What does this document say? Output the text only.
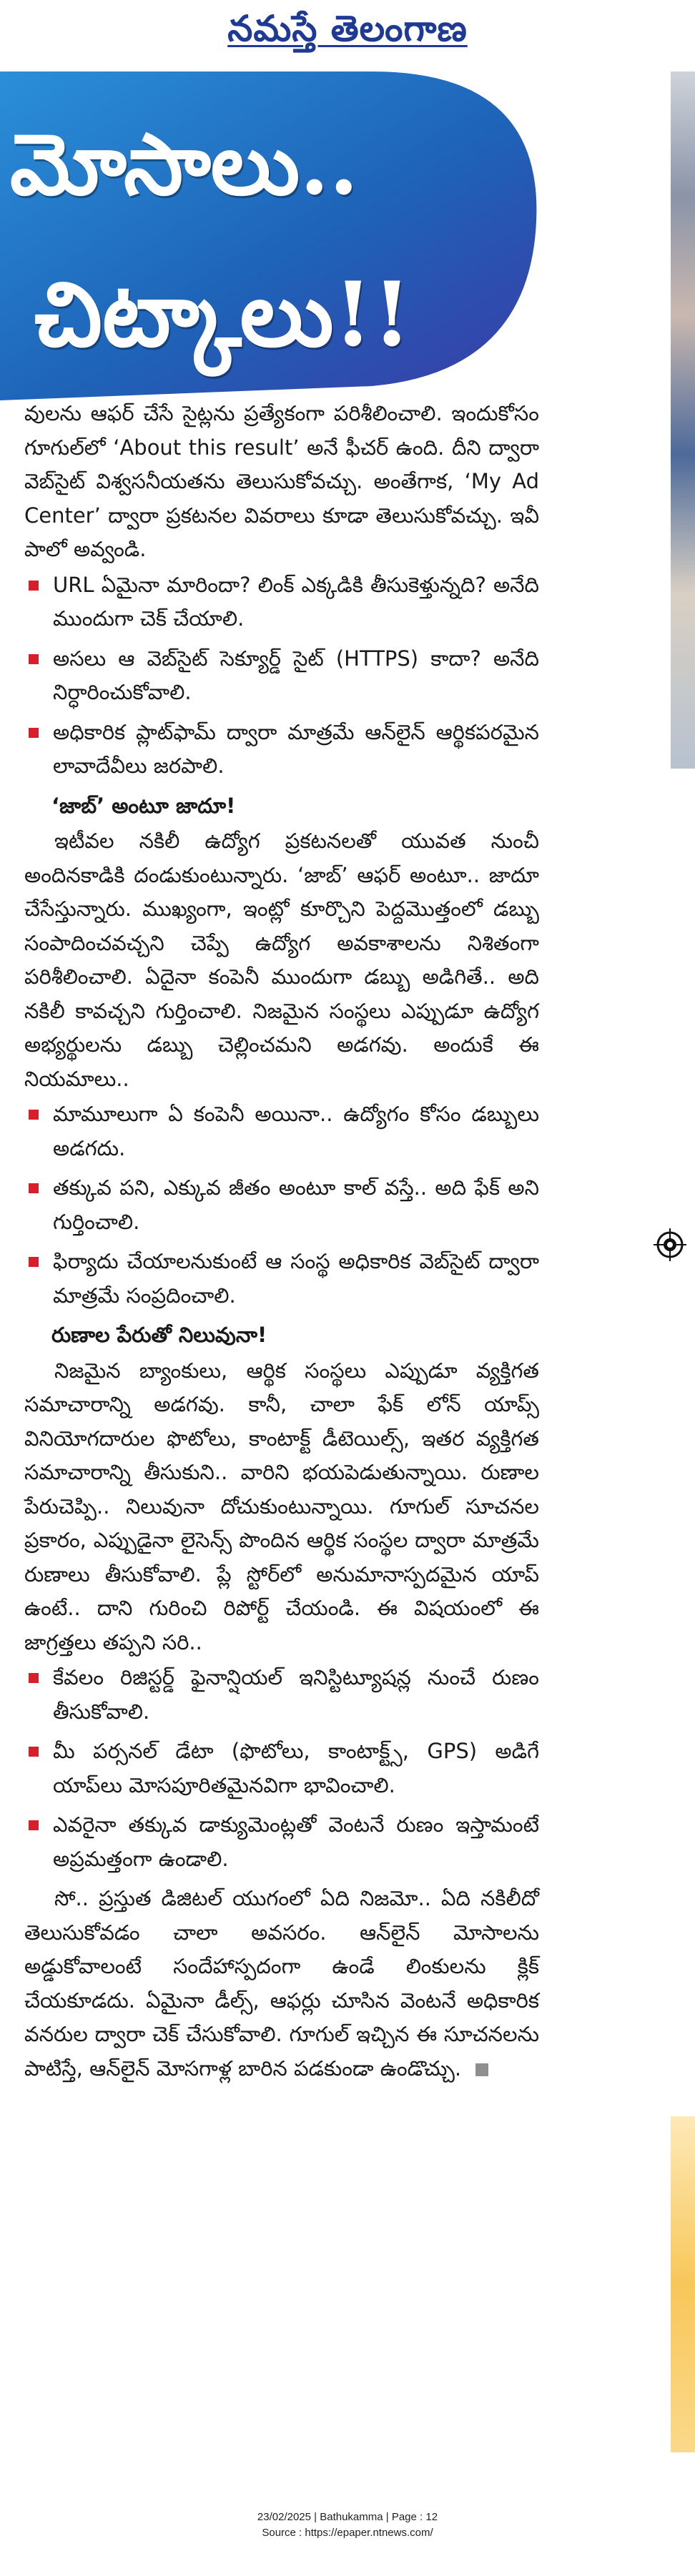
నమస్తే తెలంగాణ
మోసాలు..
చిట్కాలు!!

వులను ఆఫర్‌ చేసే సైట్లను ప్రత్యేకంగా పరిశీలించాలి. ఇందుకోసం గూగుల్‌లో ‘About this result’ అనే ఫీచర్‌ ఉంది. దీని ద్వారా వెబ్‌సైట్‌ విశ్వసనీయతను తెలుసుకోవచ్చు. అంతేగాక, ‘My Ad Center’ ద్వారా ప్రకటనల వివరాలు కూడా తెలుసుకోవచ్చు. ఇవీ పాలో అవ్వండి.

URL ఏమైనా మారిందా? లింక్‌ ఎక్కడికి తీసుకెళ్తున్నది? అనేది ముందుగా చెక్‌ చేయాలి.
అసలు ఆ వెబ్‌సైట్‌ సెక్యూర్డ్‌ సైట్‌ (HTTPS) కాదా? అనేది నిర్ధారించుకోవాలి.
అధికారిక ప్లాట్‌ఫామ్‌ ద్వారా మాత్రమే ఆన్‌లైన్‌ ఆర్థికపరమైన లావాదేవీలు జరపాలి.
‘జాబ్‌’ అంటూ జాదూ!

ఇటీవల నకిలీ ఉద్యోగ ప్రకటనలతో యువత నుంచీ అందినకాడికి దండుకుంటున్నారు. ‘జాబ్‌’ ఆఫర్‌ అంటూ.. జాదూ చేసేస్తున్నారు. ముఖ్యంగా, ఇంట్లో కూర్చొని పెద్దమొత్తంలో డబ్బు సంపాదించవచ్చని చెప్పే ఉద్యోగ అవకాశాలను నిశితంగా పరిశీలించాలి. ఏదైనా కంపెనీ ముందుగా డబ్బు అడిగితే.. అది నకిలీ కావచ్చని గుర్తించాలి. నిజమైన సంస్థలు ఎప్పుడూ ఉద్యోగ అభ్యర్థులను డబ్బు చెల్లించమని అడగవు. అందుకే ఈ నియమాలు..

మామూలుగా ఏ కంపెనీ అయినా.. ఉద్యోగం కోసం డబ్బులు అడగదు.
తక్కువ పని, ఎక్కువ జీతం అంటూ కాల్‌ వస్తే.. అది ఫేక్‌ అని గుర్తించాలి.
ఫిర్యాదు చేయాలనుకుంటే ఆ సంస్థ అధికారిక వెబ్‌సైట్‌ ద్వారా మాత్రమే సంప్రదించాలి.
రుణాల పేరుతో నిలువునా!

నిజమైన బ్యాంకులు, ఆర్థిక సంస్థలు ఎప్పుడూ వ్యక్తిగత సమాచారాన్ని అడగవు. కానీ, చాలా ఫేక్‌ లోన్‌ యాప్స్‌ వినియోగదారుల ఫొటోలు, కాంటాక్ట్‌ డీటెయిల్స్‌, ఇతర వ్యక్తిగత సమాచారాన్ని తీసుకుని.. వారిని భయపెడుతున్నాయి. రుణాల పేరుచెప్పి.. నిలువునా దోచుకుంటున్నాయి. గూగుల్‌ సూచనల ప్రకారం, ఎప్పుడైనా లైసెన్స్‌ పొందిన ఆర్థిక సంస్థల ద్వారా మాత్రమే రుణాలు తీసుకోవాలి. ప్లే స్టోర్‌లో అనుమానాస్పదమైన యాప్‌ ఉంటే.. దాని గురించి రిపోర్ట్‌ చేయండి. ఈ విషయంలో ఈ జాగ్రత్తలు తప్పని సరి..

కేవలం రిజిస్టర్డ్‌ ఫైనాన్షియల్‌ ఇనిస్టిట్యూషన్ల నుంచే రుణం తీసుకోవాలి.
మీ పర్సనల్‌ డేటా (ఫొటోలు, కాంటాక్ట్స్‌, GPS) అడిగే యాప్‌లు మోసపూరితమైనవిగా భావించాలి.
ఎవరైనా తక్కువ డాక్యుమెంట్లతో వెంటనే రుణం ఇస్తామంటే అప్రమత్తంగా ఉండాలి.

సో.. ప్రస్తుత డిజిటల్‌ యుగంలో ఏది నిజమో.. ఏది నకిలీదో తెలుసుకోవడం చాలా అవసరం. ఆన్‌లైన్‌ మోసాలను అడ్డుకోవాలంటే సందేహాస్పదంగా ఉండే లింకులను క్లిక్‌ చేయకూడదు. ఏమైనా డీల్స్‌, ఆఫర్లు చూసిన వెంటనే అధికారిక వనరుల ద్వారా చెక్‌ చేసుకోవాలి. గూగుల్‌ ఇచ్చిన ఈ సూచనలను పాటిస్తే, ఆన్‌లైన్‌ మోసగాళ్ల బారిన పడకుండా ఉండొచ్చు.

23/02/2025 | Bathukamma | Page : 12
Source : https://epaper.ntnews.com/
